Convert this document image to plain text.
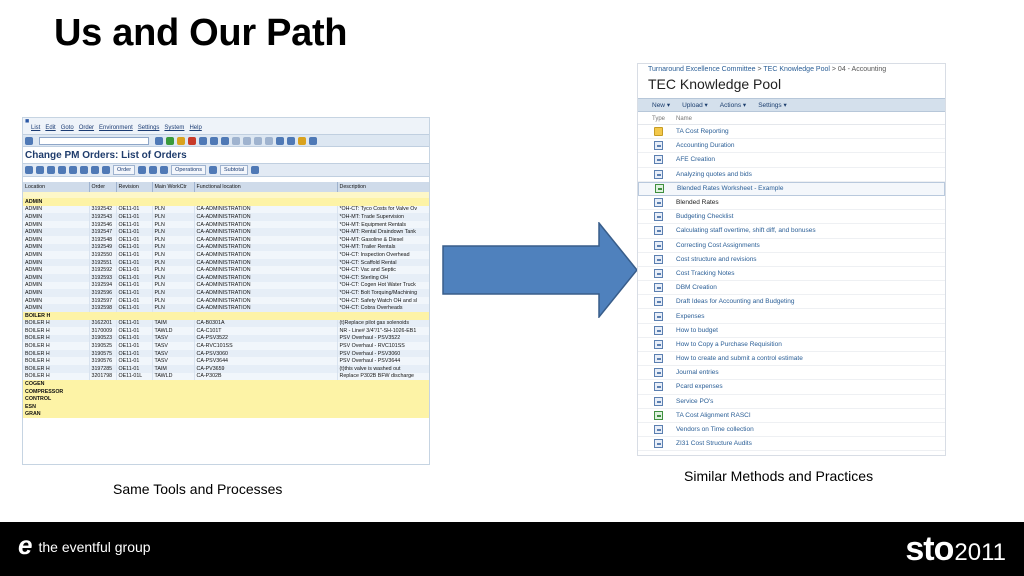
Us and Our Path
■
List Edit Goto Order Environment Settings System Help
Change PM Orders: List of Orders
Order	Operations	Subtotal
Location	Order	Revision	Main WorkCtr	Functional location	Description

ADMIN					
ADMIN	3192542	OE11-01	PLN	CA-ADMINISTRATION	*OH-CT: Tyco Costs for Valve Ov
ADMIN	3192543	OE11-01	PLN	CA-ADMINISTRATION	*OH-MT: Trade Supervision
ADMIN	3192546	OE11-01	PLN	CA-ADMINISTRATION	*OH-MT: Equipment Rentals
ADMIN	3192547	OE11-01	PLN	CA-ADMINISTRATION	*OH-MT: Rental Draindown Tank
ADMIN	3192548	OE11-01	PLN	CA-ADMINISTRATION	*OH-MT: Gasoline & Diesel
ADMIN	3192549	OE11-01	PLN	CA-ADMINISTRATION	*OH-MT: Trailer Rentals
ADMIN	3192550	OE11-01	PLN	CA-ADMINISTRATION	*OH-CT: Inspection Overhead
ADMIN	3192551	OE11-01	PLN	CA-ADMINISTRATION	*OH-CT: Scaffold Rental
ADMIN	3192592	OE11-01	PLN	CA-ADMINISTRATION	*OH-CT: Vac and Septic
ADMIN	3192593	OE11-01	PLN	CA-ADMINISTRATION	*OH-CT: Sterling OH
ADMIN	3192594	OE11-01	PLN	CA-ADMINISTRATION	*OH-CT: Cogen Hot Water Truck
ADMIN	3192596	OE11-01	PLN	CA-ADMINISTRATION	*OH-CT: Bolt Torquing/Machining
ADMIN	3192597	OE11-01	PLN	CA-ADMINISTRATION	*OH-CT: Safety Watch OH and sl
ADMIN	3192598	OE11-01	PLN	CA-ADMINISTRATION	*OH-CT: Cobra Overheads
BOILER H					
BOILER H	3162201	OE11-01	TAIM	CA-B0301A	(t)Replace pilot gas solenoids
BOILER H	3170009	OE11-01	TAWLD	CA-C101T	NR - Line# 3/4"/1"-SH-1026-EB1
BOILER H	3190523	OE11-01	TASV	CA-PSV3522	PSV Overhaul - PSV3522
BOILER H	3190525	OE11-01	TASV	CA-RVC101SS	PSV Overhaul - RVC101SS
BOILER H	3190575	OE11-01	TASV	CA-PSV3060	PSV Overhaul - PSV3060
BOILER H	3190576	OE11-01	TASV	CA-PSV3644	PSV Overhaul - PSV3644
BOILER H	3197285	OE11-01	TAIM	CA-PV3659	(t)this valve is washed out
BOILER H	3201798	OE11-01L	TAWLD	CA-P302B	Replace P302B BFW discharge
COGEN					
COMPRESSOR					
CONTROL					
ESN					
GRAN					
Turnaround Excellence Committee > TEC Knowledge Pool > 04 - Accounting
TEC Knowledge Pool
New ▾ Upload ▾ Actions ▾ Settings ▾
Type	Name
TA Cost Reporting
Accounting Duration
AFE Creation
Analyzing quotes and bids
Blended Rates Worksheet - Example
Blended Rates
Budgeting Checklist
Calculating staff overtime, shift diff, and bonuses
Correcting Cost Assignments
Cost structure and revisions
Cost Tracking Notes
DBM Creation
Draft Ideas for Accounting and Budgeting
Expenses
How to budget
How to Copy a Purchase Requisition
How to create and submit a control estimate
Journal entries
Pcard expenses
Service PO's
TA Cost Alignment RASCI
Vendors on Time collection
ZI31 Cost Structure Audits
Same Tools and Processes
Similar Methods and Practices
e the eventful group	sto 2011
